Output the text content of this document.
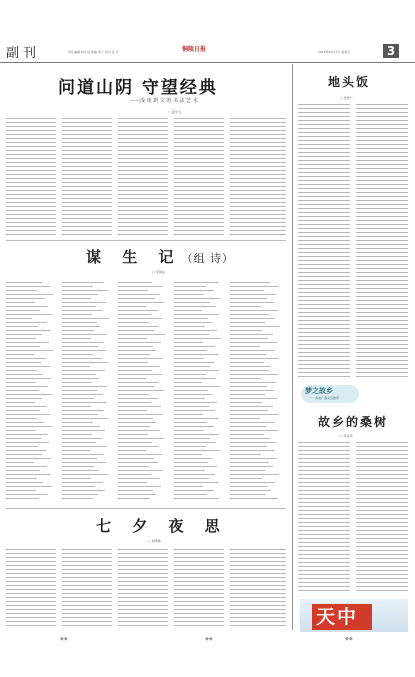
副刊	责任编辑 林小远 美编 何兰 校对 张 宇	铜陵日报	2018年8月17日 星期五	3
问道山阴 守望经典
——浅 谈 新 文 的 书 法 艺 术
□ 姜中飞
谋 生 记（组 诗）
□ 李国良
七 夕 夜 思
□ 胡秀敏
地头饭
□ 吴宏广
梦之故乡
一一各地广漫文章推荐
故乡的桑树
□ 李家庆
天中
◆◆	◆◆	◆◆
